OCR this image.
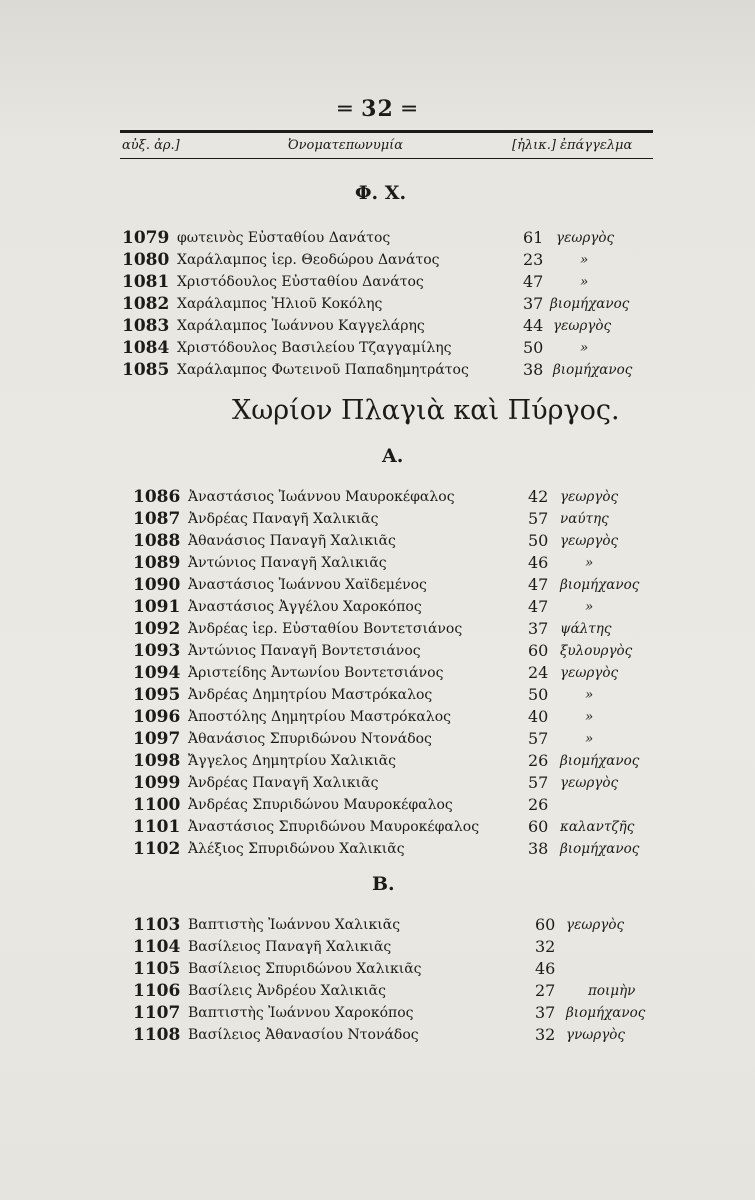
═ 32 ═
αὐξ. ἀρ.]	Ὀνοματεπωνυμία	[ἡλικ.] ἐπάγγελμα
Φ. Χ.
1079 φωτεινὸς Εὐσταθίου Δανάτος	61 γεωργὸς
1080 Χαράλαμπος ἱερ. Θεοδώρου Δανάτος	23	»
1081 Χριστόδουλος Εὐσταθίου Δανάτος	47	»
1082 Χαράλαμπος Ἠλιοῦ Κοκόλης	37 βιομήχανος
1083 Χαράλαμπος Ἰωάννου Καγγελάρης	44 γεωργὸς
1084 Χριστόδουλος Βασιλείου Τζαγγαμίλης	50	»
1085 Χαράλαμπος Φωτεινοῦ Παπαδημητράτος	38 βιομήχανος
Χωρίον Πλαγιὰ καὶ Πύργος.
Α.
1086 Ἀναστάσιος Ἰωάννου Μαυροκέφαλος	42 γεωργὸς
1087 Ἀνδρέας Παναγῆ Χαλικιᾶς	57 ναύτης
1088 Ἀθανάσιος Παναγῆ Χαλικιᾶς	50 γεωργὸς
1089 Ἀντώνιος Παναγῆ Χαλικιᾶς	46	»
1090 Ἀναστάσιος Ἰωάννου Χαϊδεμένος	47 βιομήχανος
1091 Ἀναστάσιος Ἀγγέλου Χαροκόπος	47	»
1092 Ἀνδρέας ἱερ. Εὐσταθίου Βοντετσιάνος	37 ψάλτης
1093 Ἀντώνιος Παναγῆ Βοντετσιάνος	60 ξυλουργὸς
1094 Ἀριστείδης Ἀντωνίου Βοντετσιάνος	24 γεωργὸς
1095 Ἀνδρέας Δημητρίου Μαστρόκαλος	50	»
1096 Ἀποστόλης Δημητρίου Μαστρόκαλος	40	»
1097 Ἀθανάσιος Σπυριδώνου Ντονάδος	57	»
1098 Ἄγγελος Δημητρίου Χαλικιᾶς	26 βιομήχανος
1099 Ἀνδρέας Παναγῆ Χαλικιᾶς	57 γεωργὸς
1100 Ἀνδρέας Σπυριδώνου Μαυροκέφαλος	26
1101 Ἀναστάσιος Σπυριδώνου Μαυροκέφαλος	60 καλαντζῆς
1102 Ἀλέξιος Σπυριδώνου Χαλικιᾶς	38 βιομήχανος
Β.
1103 Βαπτιστὴς Ἰωάννου Χαλικιᾶς	60 γεωργὸς
1104 Βασίλειος Παναγῆ Χαλικιᾶς	32
1105 Βασίλειος Σπυριδώνου Χαλικιᾶς	46
1106 Βασίλεις Ἀνδρέου Χαλικιᾶς	27 ποιμὴν
1107 Βαπτιστὴς Ἰωάννου Χαροκόπος	37 βιομήχανος
1108 Βασίλειος Ἀθανασίου Ντονάδος	32 γνωργὸς
